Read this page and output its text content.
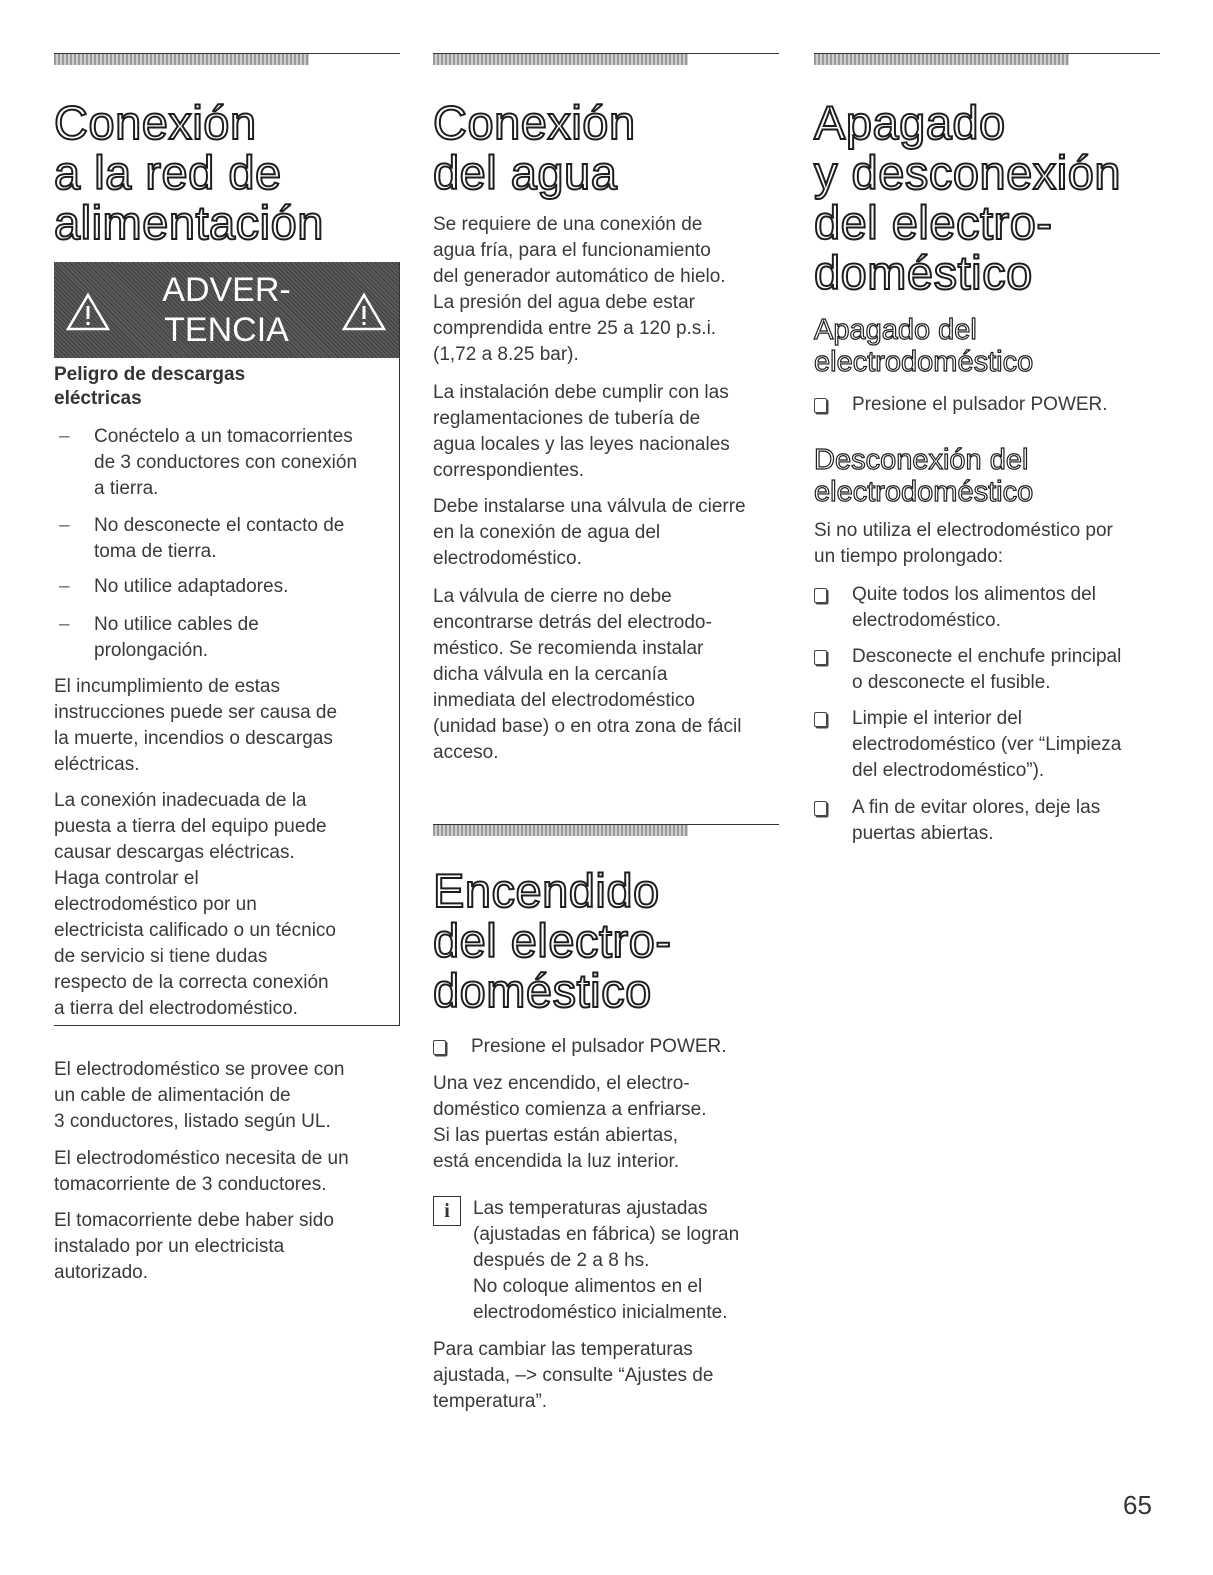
Conexión
a la red de
alimentación
ADVER-
TENCIA
Peligro de descargas
eléctricas
– Conéctelo a un tomacorrientes
de 3 conductores con conexión
a tierra.
– No desconecte el contacto de
toma de tierra.
– No utilice adaptadores.
– No utilice cables de
prolongación.

El incumplimiento de estas
instrucciones puede ser causa de
la muerte, incendios o descargas
eléctricas.

La conexión inadecuada de la
puesta a tierra del equipo puede
causar descargas eléctricas.
Haga controlar el
electrodoméstico por un
electricista calificado o un técnico
de servicio si tiene dudas
respecto de la correcta conexión
a tierra del electrodoméstico.

El electrodoméstico se provee con
un cable de alimentación de
3 conductores, listado según UL.

El electrodoméstico necesita de un
tomacorriente de 3 conductores.

El tomacorriente debe haber sido
instalado por un electricista
autorizado.

Conexión
del agua

Se requiere de una conexión de
agua fría, para el funcionamiento
del generador automático de hielo.
La presión del agua debe estar
comprendida entre 25 a 120 p.s.i.
(1,72 a 8.25 bar).

La instalación debe cumplir con las
reglamentaciones de tubería de
agua locales y las leyes nacionales
correspondientes.

Debe instalarse una válvula de cierre
en la conexión de agua del
electrodoméstico.

La válvula de cierre no debe
encontrarse detrás del electrodo-
méstico. Se recomienda instalar
dicha válvula en la cercanía
inmediata del electrodoméstico
(unidad base) o en otra zona de fácil
acceso.

Encendido
del electro-
doméstico
Presione el pulsador POWER.

Una vez encendido, el electro-
doméstico comienza a enfriarse.
Si las puertas están abiertas,
está encendida la luz interior.

i	Las temperaturas ajustadas
(ajustadas en fábrica) se logran
después de 2 a 8 hs.
No coloque alimentos en el
electrodoméstico inicialmente.

Para cambiar las temperaturas
ajustada, –> consulte “Ajustes de
temperatura”.

Apagado
y desconexión
del electro-
doméstico
Apagado del
electrodoméstico
Presione el pulsador POWER.
Desconexión del
electrodoméstico

Si no utiliza el electrodoméstico por
un tiempo prolongado:

Quite todos los alimentos del
electrodoméstico.
Desconecte el enchufe principal
o desconecte el fusible.
Limpie el interior del
electrodoméstico (ver “Limpieza
del electrodoméstico”).
A fin de evitar olores, deje las
puertas abiertas.
65
